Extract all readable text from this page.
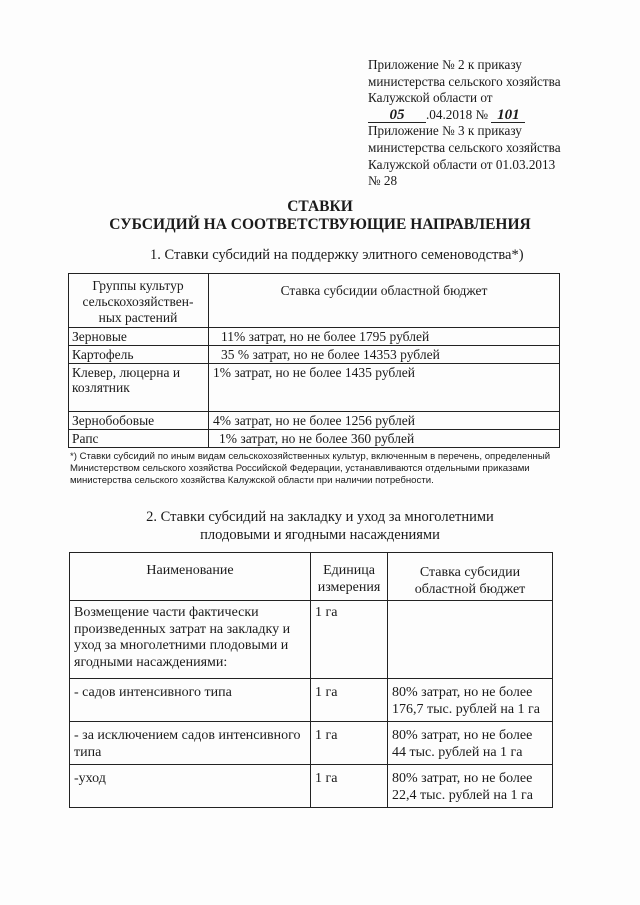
Приложение № 2 к приказу
министерства сельского хозяйства
Калужской области от
05 .04.2018 № 101
Приложение № 3 к приказу
министерства сельского хозяйства
Калужской области от 01.03.2013
№ 28
СТАВКИ
СУБСИДИЙ НА СООТВЕТСТВУЮЩИЕ НАПРАВЛЕНИЯ
1. Ставки субсидий на поддержку элитного семеноводства*)
Группы культур сельскохозяйствен-ных растений	Ставка субсидии областной бюджет
Зерновые	11% затрат, но не более 1795 рублей
Картофель	35 % затрат, но не более 14353 рублей
Клевер, люцерна и козлятник	1% затрат, но не более 1435 рублей
Зернобобовые	4% затрат, но не более 1256 рублей
Рапс	1% затрат, но не более 360 рублей
*) Ставки субсидий по иным видам сельскохозяйственных культур, включенным в перечень, определенный Министерством сельского хозяйства Российской Федерации, устанавливаются отдельными приказами министерства сельского хозяйства Калужской области при наличии потребности.
2. Ставки субсидий на закладку и уход за многолетними
плодовыми и ягодными насаждениями
Наименование	Единица измерения	Ставка субсидии областной бюджет
Возмещение части фактически произведенных затрат на закладку и уход за многолетними плодовыми и ягодными насаждениями:	1 га	
- садов интенсивного типа	1 га	80% затрат, но не более 176,7 тыс. рублей на 1 га
- за исключением садов интенсивного типа	1 га	80% затрат, но не более 44 тыс. рублей на 1 га
-уход	1 га	80% затрат, но не более 22,4 тыс. рублей на 1 га
